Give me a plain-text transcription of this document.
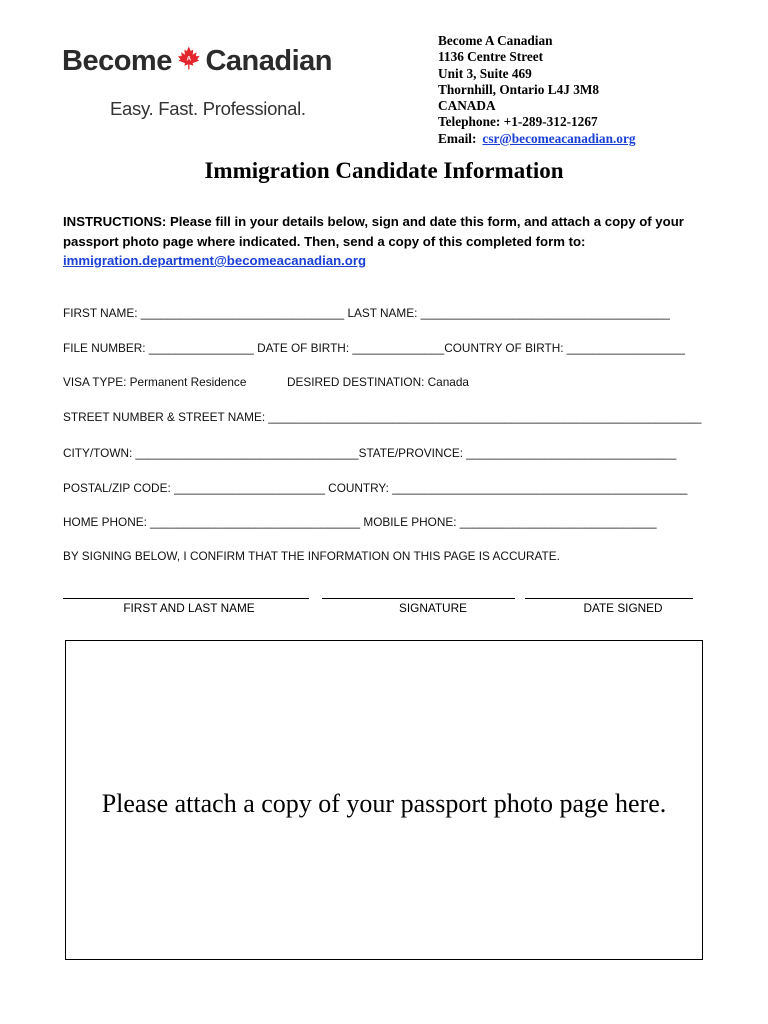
Become A Canadian
Easy. Fast. Professional.
Become A Canadian
1136 Centre Street
Unit 3, Suite 469
Thornhill, Ontario L4J 3M8
CANADA
Telephone: +1-289-312-1267
Email: csr@becomeacanadian.org
Immigration Candidate Information
INSTRUCTIONS: Please fill in your details below, sign and date this form, and attach a copy of your passport photo page where indicated. Then, send a copy of this completed form to:
immigration.department@becomeacanadian.org
FIRST NAME: _______________________________ LAST NAME: ______________________________________
FILE NUMBER: ________________ DATE OF BIRTH: ______________COUNTRY OF BIRTH: __________________
VISA TYPE: Permanent Residence	DESIRED DESTINATION: Canada
STREET NUMBER & STREET NAME: __________________________________________________________________
CITY/TOWN: __________________________________STATE/PROVINCE: ________________________________
POSTAL/ZIP CODE: _______________________ COUNTRY: _____________________________________________
HOME PHONE: ________________________________ MOBILE PHONE: ______________________________
BY SIGNING BELOW, I CONFIRM THAT THE INFORMATION ON THIS PAGE IS ACCURATE.
FIRST AND LAST NAME	SIGNATURE	DATE SIGNED
Please attach a copy of your passport photo page here.
